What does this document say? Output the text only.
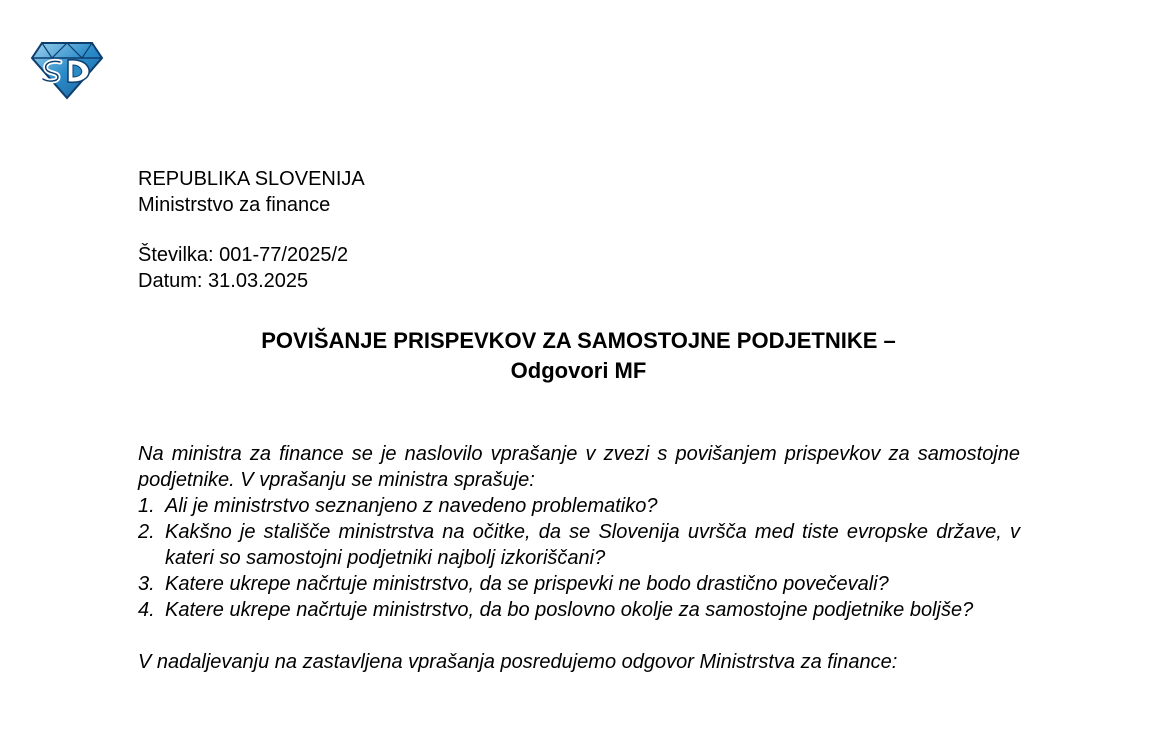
REPUBLIKA SLOVENIJA
Ministrstvo za finance
Številka: 001-77/2025/2
Datum: 31.03.2025
POVIŠANJE PRISPEVKOV ZA SAMOSTOJNE PODJETNIKE –
Odgovori MF

Na ministra za finance se je naslovilo vprašanje v zvezi s povišanjem prispevkov za samostojne podjetnike. V vprašanju se ministra sprašuje:

1. Ali je ministrstvo seznanjeno z navedeno problematiko?
2. Kakšno je stališče ministrstva na očitke, da se Slovenija uvršča med tiste evropske države, v kateri so samostojni podjetniki najbolj izkoriščani?
3. Katere ukrepe načrtuje ministrstvo, da se prispevki ne bodo drastično povečevali?
4. Katere ukrepe načrtuje ministrstvo, da bo poslovno okolje za samostojne podjetnike boljše?

V nadaljevanju na zastavljena vprašanja posredujemo odgovor Ministrstva za finance:
